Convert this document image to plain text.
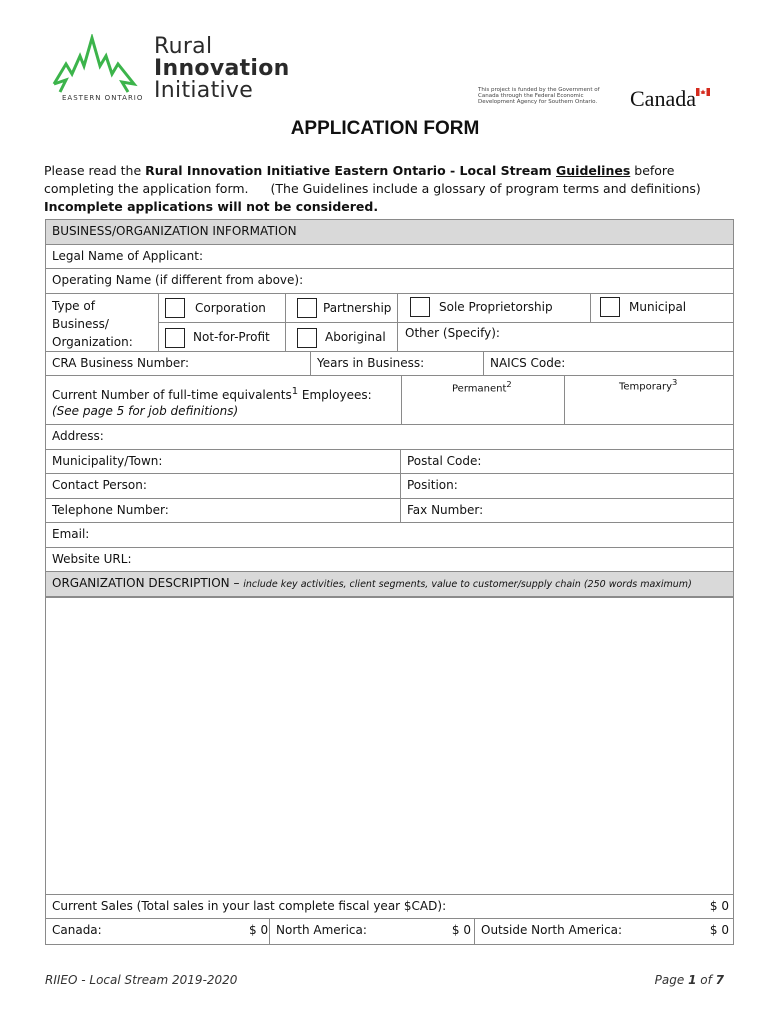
Rural
Innovation
Initiative
EASTERN ONTARIO
This project is funded by the Government of Canada through the Federal Economic Development Agency for Southern Ontario. Canada
APPLICATION FORM
Please read the Rural Innovation Initiative Eastern Ontario - Local Stream Guidelines before completing the application form. (The Guidelines include a glossary of program terms and definitions)
Incomplete applications will not be considered.
BUSINESS/ORGANIZATION INFORMATION
Legal Name of Applicant:
Operating Name (if different from above):
Type of Business/ Organization:
Corporation	Partnership	Sole Proprietorship	Municipal
Not-for-Profit	Aboriginal Other (Specify):
CRA Business Number:	Years in Business:	NAICS Code:
Current Number of full-time equivalents$^1$ Employees:
(See page 5 for job definitions)
Permanent$^2$	Temporary$^3$
Address:
Municipality/Town:	Postal Code:
Contact Person:	Position:
Telephone Number:	Fax Number:
Email:
Website URL:
ORGANIZATION DESCRIPTION – include key activities, client segments, value to customer/supply chain (250 words maximum)
Current Sales (Total sales in your last complete fiscal year $CAD):	$ 0
Canada:	$ 0 North America:	$ 0 Outside North America:	$ 0
RIIEO - Local Stream 2019-2020	Page 1 of 7
